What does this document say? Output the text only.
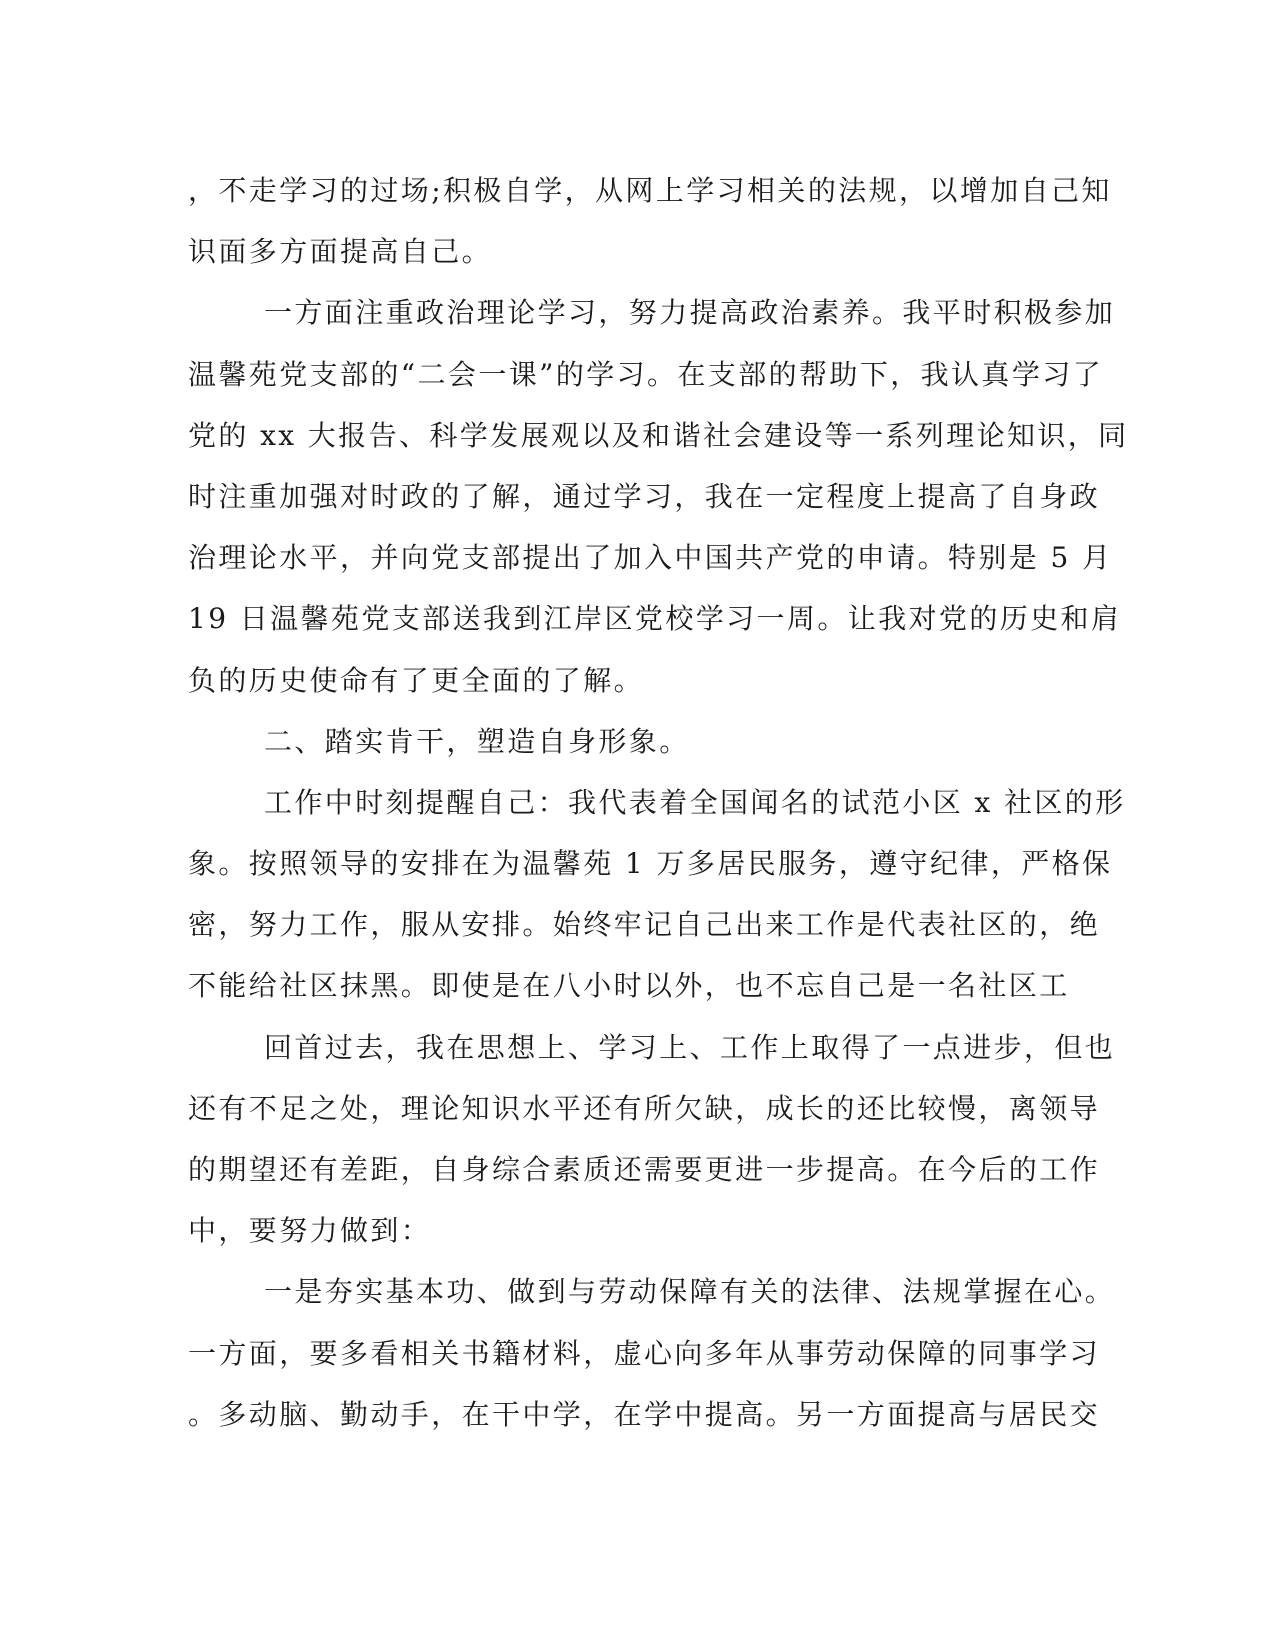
，不走学习的过场;积极自学，从网上学习相关的法规，以增加自己知
识面多方面提高自己。
一方面注重政治理论学习，努力提高政治素养。我平时积极参加
温馨苑党支部的“二会一课”的学习。在支部的帮助下，我认真学习了
党的 xx 大报告、科学发展观以及和谐社会建设等一系列理论知识，同
时注重加强对时政的了解，通过学习，我在一定程度上提高了自身政
治理论水平，并向党支部提出了加入中国共产党的申请。特别是 5 月
19 日温馨苑党支部送我到江岸区党校学习一周。让我对党的历史和肩
负的历史使命有了更全面的了解。
二、踏实肯干，塑造自身形象。
工作中时刻提醒自己：我代表着全国闻名的试范小区 x 社区的形
象。按照领导的安排在为温馨苑 1 万多居民服务，遵守纪律，严格保
密，努力工作，服从安排。始终牢记自己出来工作是代表社区的，绝
不能给社区抹黑。即使是在八小时以外，也不忘自己是一名社区工
回首过去，我在思想上、学习上、工作上取得了一点进步，但也
还有不足之处，理论知识水平还有所欠缺，成长的还比较慢，离领导
的期望还有差距，自身综合素质还需要更进一步提高。在今后的工作
中，要努力做到：
一是夯实基本功、做到与劳动保障有关的法律、法规掌握在心。
一方面，要多看相关书籍材料，虚心向多年从事劳动保障的同事学习
。多动脑、勤动手，在干中学，在学中提高。另一方面提高与居民交
